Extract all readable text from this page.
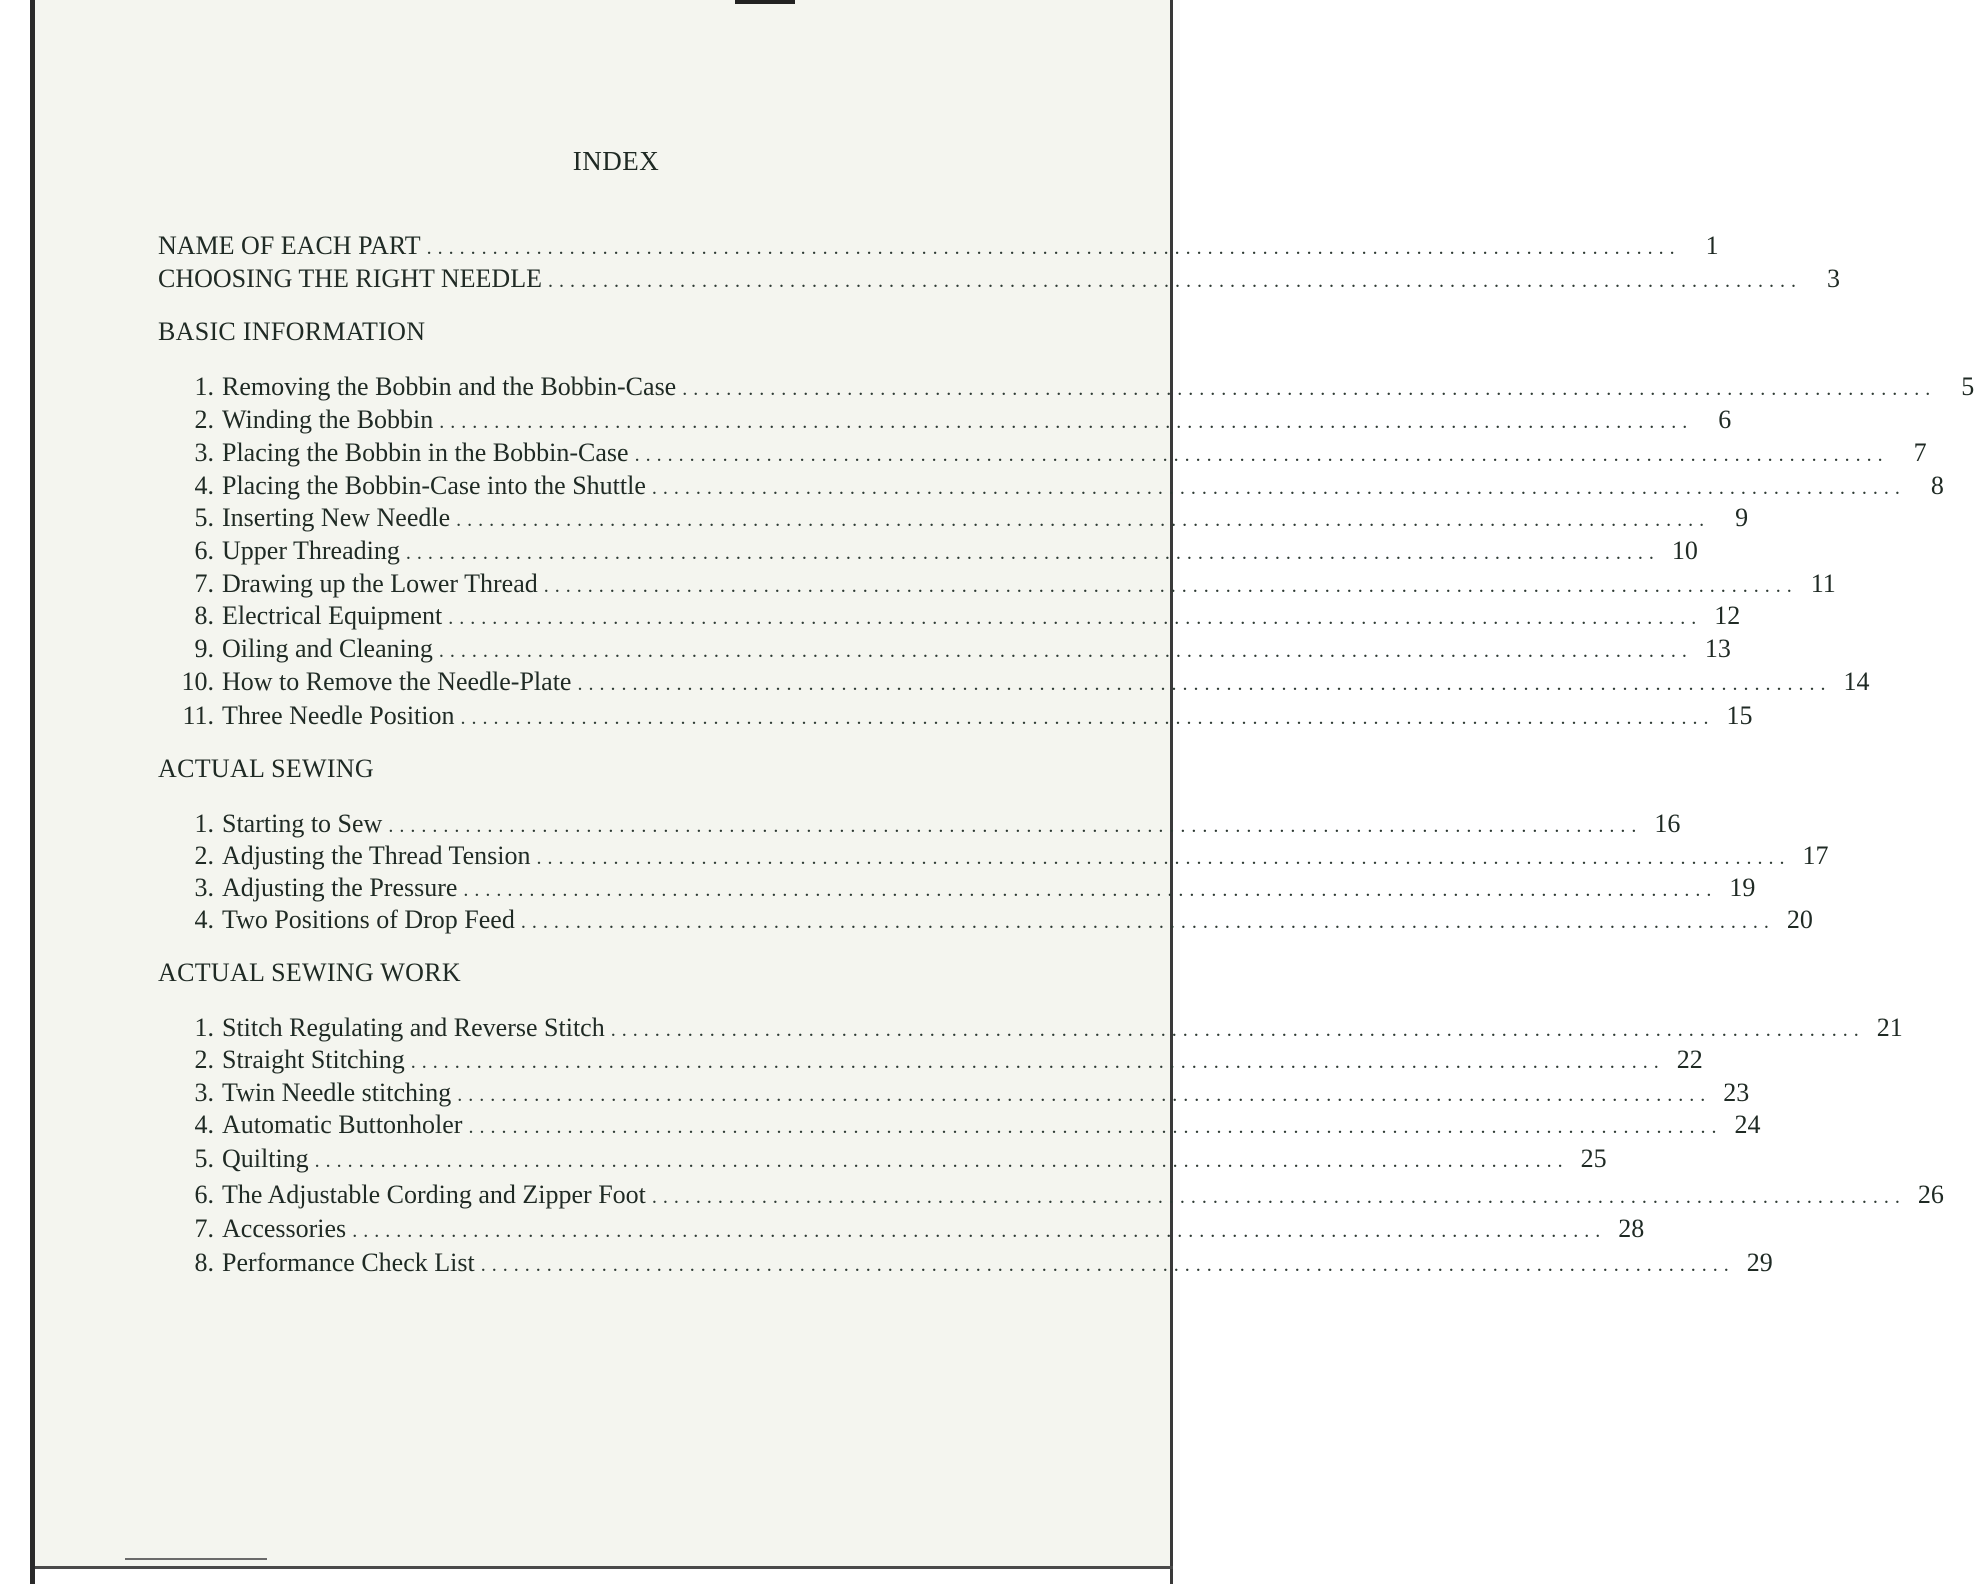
INDEX
NAME OF EACH PART .................................................................................................................. 1
CHOOSING THE RIGHT NEEDLE .................................................................................................................. 3
BASIC INFORMATION
1. Removing the Bobbin and the Bobbin-Case .................................................................................................................. 5
2. Winding the Bobbin .................................................................................................................. 6
3. Placing the Bobbin in the Bobbin-Case .................................................................................................................. 7
4. Placing the Bobbin-Case into the Shuttle .................................................................................................................. 8
5. Inserting New Needle .................................................................................................................. 9
6. Upper Threading .................................................................................................................. 10
7. Drawing up the Lower Thread .................................................................................................................. 11
8. Electrical Equipment .................................................................................................................. 12
9. Oiling and Cleaning .................................................................................................................. 13
10. How to Remove the Needle-Plate .................................................................................................................. 14
11. Three Needle Position .................................................................................................................. 15
ACTUAL SEWING
1. Starting to Sew .................................................................................................................. 16
2. Adjusting the Thread Tension .................................................................................................................. 17
3. Adjusting the Pressure .................................................................................................................. 19
4. Two Positions of Drop Feed .................................................................................................................. 20
ACTUAL SEWING WORK
1. Stitch Regulating and Reverse Stitch .................................................................................................................. 21
2. Straight Stitching .................................................................................................................. 22
3. Twin Needle stitching .................................................................................................................. 23
4. Automatic Buttonholer .................................................................................................................. 24
5. Quilting .................................................................................................................. 25
6. The Adjustable Cording and Zipper Foot .................................................................................................................. 26
7. Accessories .................................................................................................................. 28
8. Performance Check List .................................................................................................................. 29
